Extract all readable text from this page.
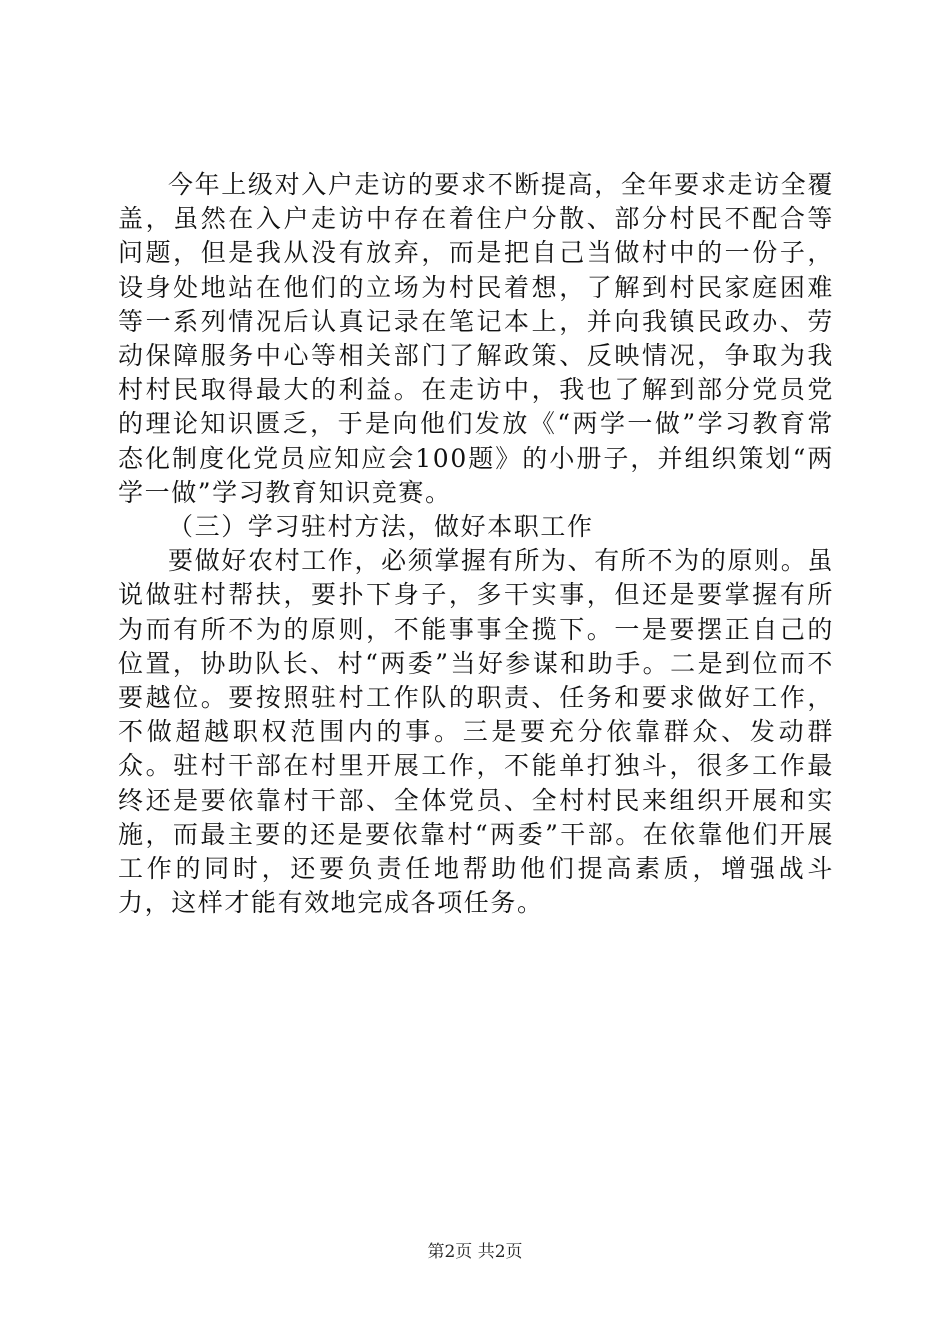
今年上级对入户走访的要求不断提高，全年要求走访全覆盖，虽然在入户走访中存在着住户分散、部分村民不配合等问题，但是我从没有放弃，而是把自己当做村中的一份子，设身处地站在他们的立场为村民着想，了解到村民家庭困难等一系列情况后认真记录在笔记本上，并向我镇民政办、劳动保障服务中心等相关部门了解政策、反映情况，争取为我村村民取得最大的利益。在走访中，我也了解到部分党员党的理论知识匮乏，于是向他们发放《“两学一做”学习教育常态化制度化党员应知应会100题》的小册子，并组织策划“两学一做”学习教育知识竞赛。

（三）学习驻村方法，做好本职工作

要做好农村工作，必须掌握有所为、有所不为的原则。虽说做驻村帮扶，要扑下身子，多干实事，但还是要掌握有所为而有所不为的原则，不能事事全揽下。一是要摆正自己的位置，协助队长、村“两委”当好参谋和助手。二是到位而不要越位。要按照驻村工作队的职责、任务和要求做好工作，不做超越职权范围内的事。三是要充分依靠群众、发动群众。驻村干部在村里开展工作，不能单打独斗，很多工作最终还是要依靠村干部、全体党员、全村村民来组织开展和实施，而最主要的还是要依靠村“两委”干部。在依靠他们开展工作的同时，还要负责任地帮助他们提高素质，增强战斗力，这样才能有效地完成各项任务。

第2页 共2页
